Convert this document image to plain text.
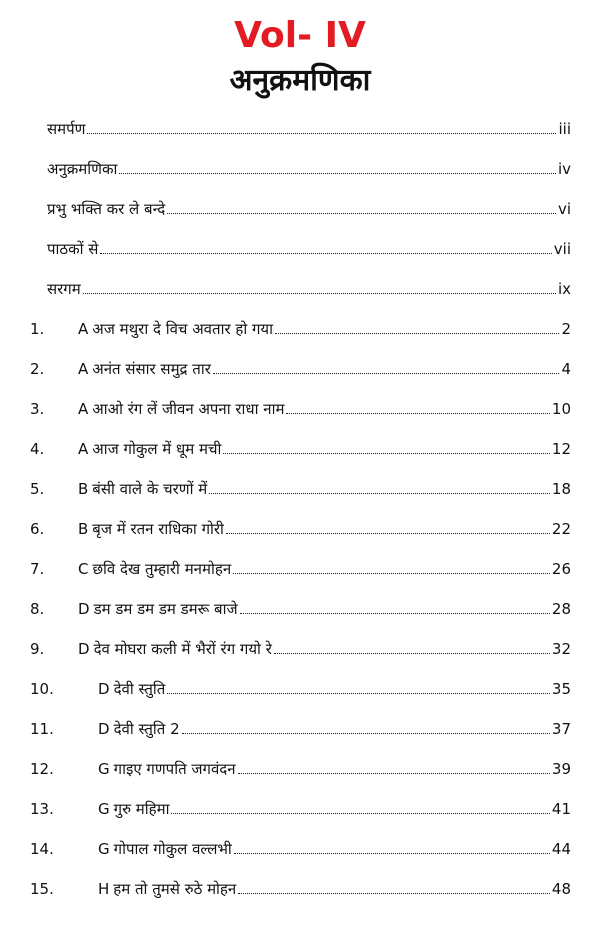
Vol- IV
अनुक्रमणिका
समर्पण	iii
अनुक्रमणिका	iv
प्रभु भक्ति कर ले बन्दे	vi
पाठकों से	vii
सरगम	ix
1.	A अज मथुरा दे विच अवतार हो गया	2
2.	A अनंत संसार समुद्र तार	4
3.	A आओ रंग लें जीवन अपना राधा नाम	10
4.	A आज गोकुल में धूम मची	12
5.	B बंसी वाले के चरणों में	18
6.	B बृज में रतन राधिका गोरी	22
7.	C छवि देख तुम्हारी मनमोहन	26
8.	D डम डम डम डम डमरू बाजे	28
9.	D देव मोघरा कली में भैरों रंग गयो रे	32
10.	D देवी स्तुति	35
11.	D देवी स्तुति 2	37
12.	G गाइए गणपति जगवंदन	39
13.	G गुरु महिमा	41
14.	G गोपाल गोकुल वल्लभी	44
15.	H हम तो तुमसे रुठे मोहन	48
